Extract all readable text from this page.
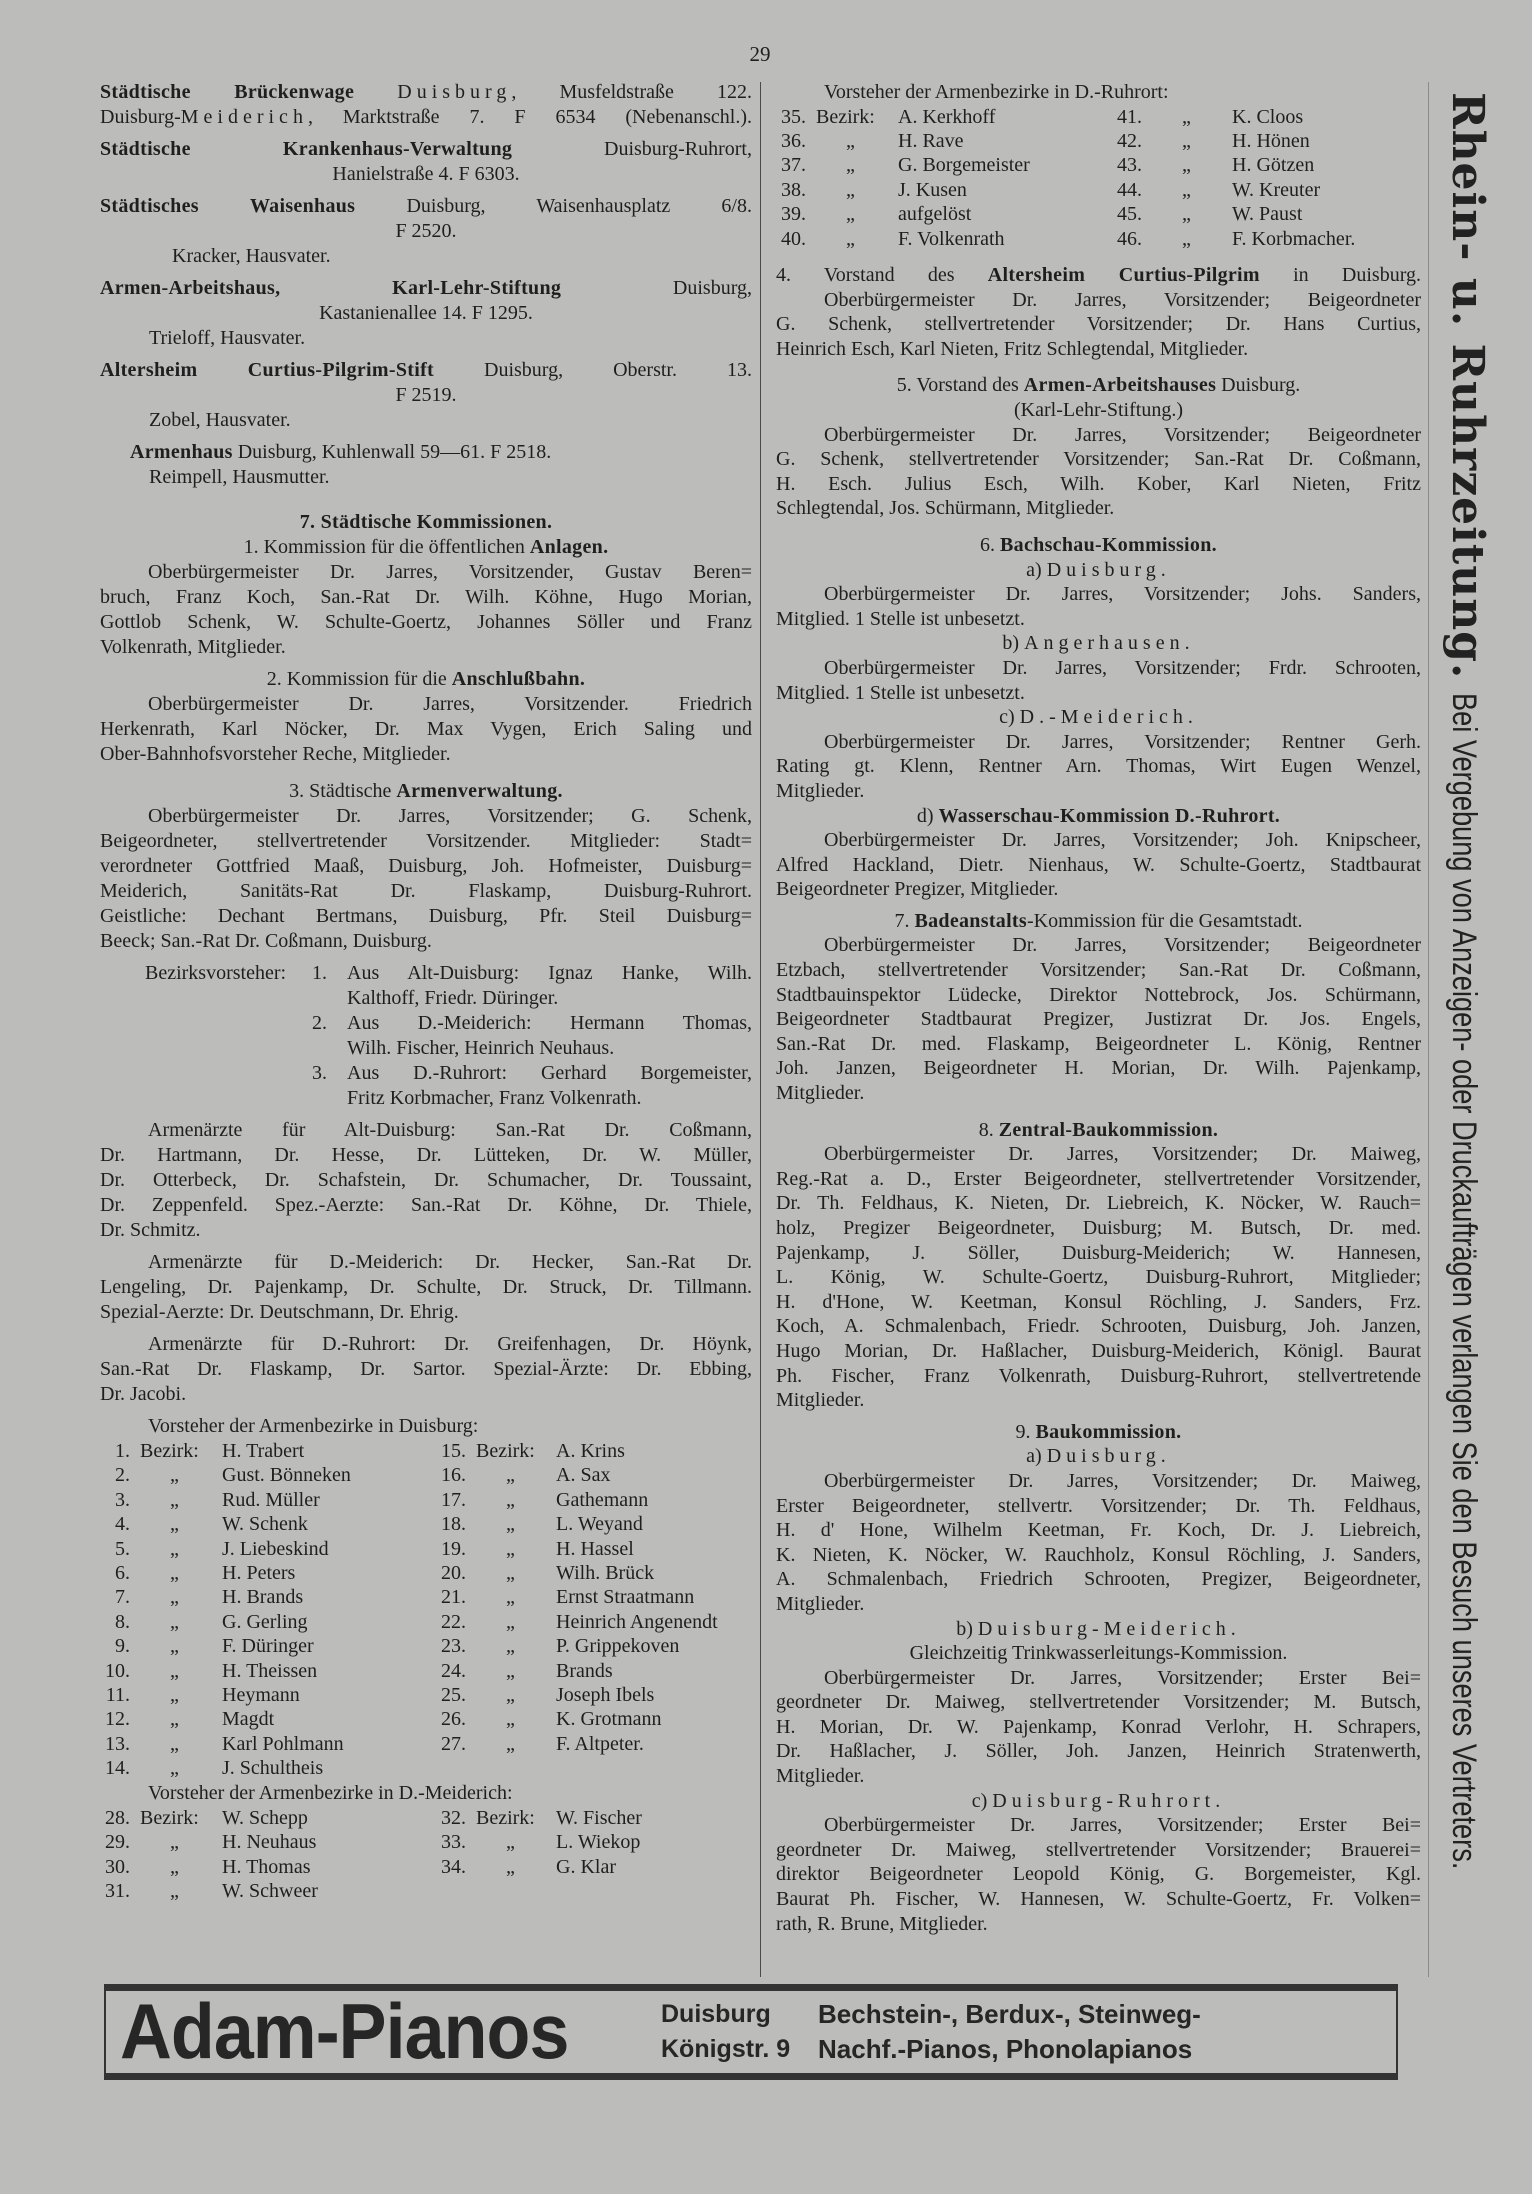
29
Städtische Brückenwage Duisburg, Musfeldstraße 122.
Duisburg-Meiderich, Marktstraße 7. F 6534 (Nebenanschl.).
Städtische Krankenhaus-Verwaltung Duisburg-Ruhrort,
Hanielstraße 4. F 6303.
Städtisches Waisenhaus Duisburg, Waisenhausplatz 6/8.
F 2520.
Kracker, Hausvater.
Armen-Arbeitshaus,	Karl-Lehr-Stiftung Duisburg,
Kastanienallee 14. F 1295.
Trieloff, Hausvater.
Altersheim Curtius-Pilgrim-Stift Duisburg, Oberstr. 13.
F 2519.
Zobel, Hausvater.
Armenhaus Duisburg, Kuhlenwall 59—61. F 2518.
Reimpell, Hausmutter.
7. Städtische Kommissionen.
1. Kommission für die öffentlichen Anlagen.
Oberbürgermeister Dr. Jarres, Vorsitzender, Gustav Beren=
bruch, Franz Koch, San.-Rat Dr. Wilh. Köhne, Hugo Morian,
Gottlob Schenk, W. Schulte-Goertz, Johannes Söller und Franz
Volkenrath, Mitglieder.
2. Kommission für die Anschlußbahn.
Oberbürgermeister Dr. Jarres, Vorsitzender. Friedrich
Herkenrath, Karl Nöcker, Dr. Max Vygen, Erich Saling und
Ober-Bahnhofsvorsteher Reche, Mitglieder.
3. Städtische Armenverwaltung.
Oberbürgermeister Dr. Jarres, Vorsitzender; G. Schenk,
Beigeordneter, stellvertretender Vorsitzender. Mitglieder: Stadt=
verordneter Gottfried Maaß, Duisburg, Joh. Hofmeister, Duisburg=
Meiderich, Sanitäts-Rat Dr. Flaskamp, Duisburg-Ruhrort.
Geistliche: Dechant Bertmans, Duisburg, Pfr. Steil Duisburg=
Beeck; San.-Rat Dr. Coßmann, Duisburg.
Bezirksvorsteher: 1. Aus Alt-Duisburg: Ignaz Hanke, Wilh.
Kalthoff, Friedr. Düringer.
2. Aus D.-Meiderich: Hermann Thomas,
Wilh. Fischer, Heinrich Neuhaus.
3. Aus D.-Ruhrort: Gerhard Borgemeister,
Fritz Korbmacher, Franz Volkenrath.
Armenärzte für Alt-Duisburg: San.-Rat Dr. Coßmann,
Dr. Hartmann, Dr. Hesse, Dr. Lütteken, Dr. W. Müller,
Dr. Otterbeck, Dr. Schafstein, Dr. Schumacher, Dr. Toussaint,
Dr. Zeppenfeld. Spez.-Aerzte: San.-Rat Dr. Köhne, Dr. Thiele,
Dr. Schmitz.
Armenärzte für D.-Meiderich: Dr. Hecker, San.-Rat Dr.
Lengeling, Dr. Pajenkamp, Dr. Schulte, Dr. Struck, Dr. Tillmann.
Spezial-Aerzte: Dr. Deutschmann, Dr. Ehrig.
Armenärzte für D.-Ruhrort: Dr. Greifenhagen, Dr. Höynk,
San.-Rat Dr. Flaskamp, Dr. Sartor. Spezial-Ärzte: Dr. Ebbing,
Dr. Jacobi.
Vorsteher der Armenbezirke in Duisburg:
1. Bezirk:	H. Trabert	15. Bezirk:	A. Krins
2.	„	Gust. Bönneken	16.	„	A. Sax
3.	„	Rud. Müller	17.	„	Gathemann
4.	„	W. Schenk	18.	„	L. Weyand
5.	„	J. Liebeskind	19.	„	H. Hassel
6.	„	H. Peters	20.	„	Wilh. Brück
7.	„	H. Brands	21.	„	Ernst Straatmann
8.	„	G. Gerling	22.	„	Heinrich Angenendt
9.	„	F. Düringer	23.	„	P. Grippekoven
10.	„	H. Theissen	24.	„	Brands
11.	„	Heymann	25.	„	Joseph Ibels
12.	„	Magdt	26.	„	K. Grotmann
13.	„	Karl Pohlmann	27.	„	F. Altpeter.
14.	„	J. Schultheis
Vorsteher der Armenbezirke in D.-Meiderich:
28. Bezirk:	W. Schepp	32. Bezirk:	W. Fischer
29.	„	H. Neuhaus	33.	„	L. Wiekop
30.	„	H. Thomas	34.	„	G. Klar
31.	„	W. Schweer
Vorsteher der Armenbezirke in D.-Ruhrort:
35. Bezirk:	A. Kerkhoff	41.	„	K. Cloos
36.	„	H. Rave	42.	„	H. Hönen
37.	„	G. Borgemeister	43.	„	H. Götzen
38.	„	J. Kusen	44.	„	W. Kreuter
39.	„	aufgelöst	45.	„	W. Paust
40.	„	F. Volkenrath	46.	„	F. Korbmacher.
4. Vorstand des Altersheim Curtius-Pilgrim in Duisburg.
Oberbürgermeister Dr. Jarres, Vorsitzender; Beigeordneter
G. Schenk, stellvertretender Vorsitzender; Dr. Hans Curtius,
Heinrich Esch, Karl Nieten, Fritz Schlegtendal, Mitglieder.
5. Vorstand des Armen-Arbeitshauses Duisburg.
(Karl-Lehr-Stiftung.)
Oberbürgermeister Dr. Jarres, Vorsitzender; Beigeordneter
G. Schenk, stellvertretender Vorsitzender; San.-Rat Dr. Coßmann,
H. Esch. Julius Esch, Wilh. Kober, Karl Nieten, Fritz
Schlegtendal, Jos. Schürmann, Mitglieder.
6. Bachschau-Kommission.
a) Duisburg.
Oberbürgermeister Dr. Jarres, Vorsitzender; Johs. Sanders,
Mitglied. 1 Stelle ist unbesetzt.
b) Angerhausen.
Oberbürgermeister Dr. Jarres, Vorsitzender; Frdr. Schrooten,
Mitglied. 1 Stelle ist unbesetzt.
c) D.-Meiderich.
Oberbürgermeister Dr. Jarres, Vorsitzender; Rentner Gerh.
Rating gt. Klenn, Rentner Arn. Thomas, Wirt Eugen Wenzel,
Mitglieder.
d) Wasserschau-Kommission D.-Ruhrort.
Oberbürgermeister Dr. Jarres, Vorsitzender; Joh. Knipscheer,
Alfred Hackland, Dietr. Nienhaus, W. Schulte-Goertz, Stadtbaurat
Beigeordneter Pregizer, Mitglieder.
7. Badeanstalts-Kommission für die Gesamtstadt.
Oberbürgermeister Dr. Jarres, Vorsitzender; Beigeordneter
Etzbach, stellvertretender Vorsitzender; San.-Rat Dr. Coßmann,
Stadtbauinspektor Lüdecke, Direktor Nottebrock, Jos. Schürmann,
Beigeordneter Stadtbaurat Pregizer, Justizrat Dr. Jos. Engels,
San.-Rat Dr. med. Flaskamp, Beigeordneter L. König, Rentner
Joh. Janzen, Beigeordneter H. Morian, Dr. Wilh. Pajenkamp,
Mitglieder.
8. Zentral-Baukommission.
Oberbürgermeister Dr. Jarres, Vorsitzender; Dr. Maiweg,
Reg.-Rat a. D., Erster Beigeordneter, stellvertretender Vorsitzender,
Dr. Th. Feldhaus, K. Nieten, Dr. Liebreich, K. Nöcker, W. Rauch=
holz, Pregizer Beigeordneter, Duisburg; M. Butsch, Dr. med.
Pajenkamp, J. Söller, Duisburg-Meiderich; W. Hannesen,
L. König, W. Schulte-Goertz, Duisburg-Ruhrort, Mitglieder;
H. d'Hone, W. Keetman, Konsul Röchling, J. Sanders, Frz.
Koch, A. Schmalenbach, Friedr. Schrooten, Duisburg, Joh. Janzen,
Hugo Morian, Dr. Haßlacher, Duisburg-Meiderich, Königl. Baurat
Ph. Fischer, Franz Volkenrath, Duisburg-Ruhrort, stellvertretende
Mitglieder.
9. Baukommission.
a) Duisburg.
Oberbürgermeister Dr. Jarres, Vorsitzender; Dr. Maiweg,
Erster Beigeordneter, stellvertr. Vorsitzender; Dr. Th. Feldhaus,
H. d' Hone, Wilhelm Keetman, Fr. Koch, Dr. J. Liebreich,
K. Nieten, K. Nöcker, W. Rauchholz, Konsul Röchling, J. Sanders,
A. Schmalenbach, Friedrich Schrooten, Pregizer, Beigeordneter,
Mitglieder.
b) Duisburg-Meiderich.
Gleichzeitig Trinkwasserleitungs-Kommission.
Oberbürgermeister Dr. Jarres, Vorsitzender; Erster Bei=
geordneter Dr. Maiweg, stellvertretender Vorsitzender; M. Butsch,
H. Morian, Dr. W. Pajenkamp, Konrad Verlohr, H. Schrapers,
Dr. Haßlacher, J. Söller, Joh. Janzen, Heinrich Stratenwerth,
Mitglieder.
c) Duisburg-Ruhrort.
Oberbürgermeister Dr. Jarres, Vorsitzender; Erster Bei=
geordneter Dr. Maiweg, stellvertretender Vorsitzender; Brauerei=
direktor Beigeordneter Leopold König, G. Borgemeister, Kgl.
Baurat Ph. Fischer, W. Hannesen, W. Schulte-Goertz, Fr. Volken=
rath, R. Brune, Mitglieder.
Adam-Pianos	Duisburg
Königstr. 9
Bechstein-, Berdux-, Steinweg-
Nachf.-Pianos, Phonolapianos
Rhein- u. Ruhrzeitung.Bei Vergebung von Anzeigen- oder Druckaufträgen verlangen Sie den Besuch unseres Vertreters.
